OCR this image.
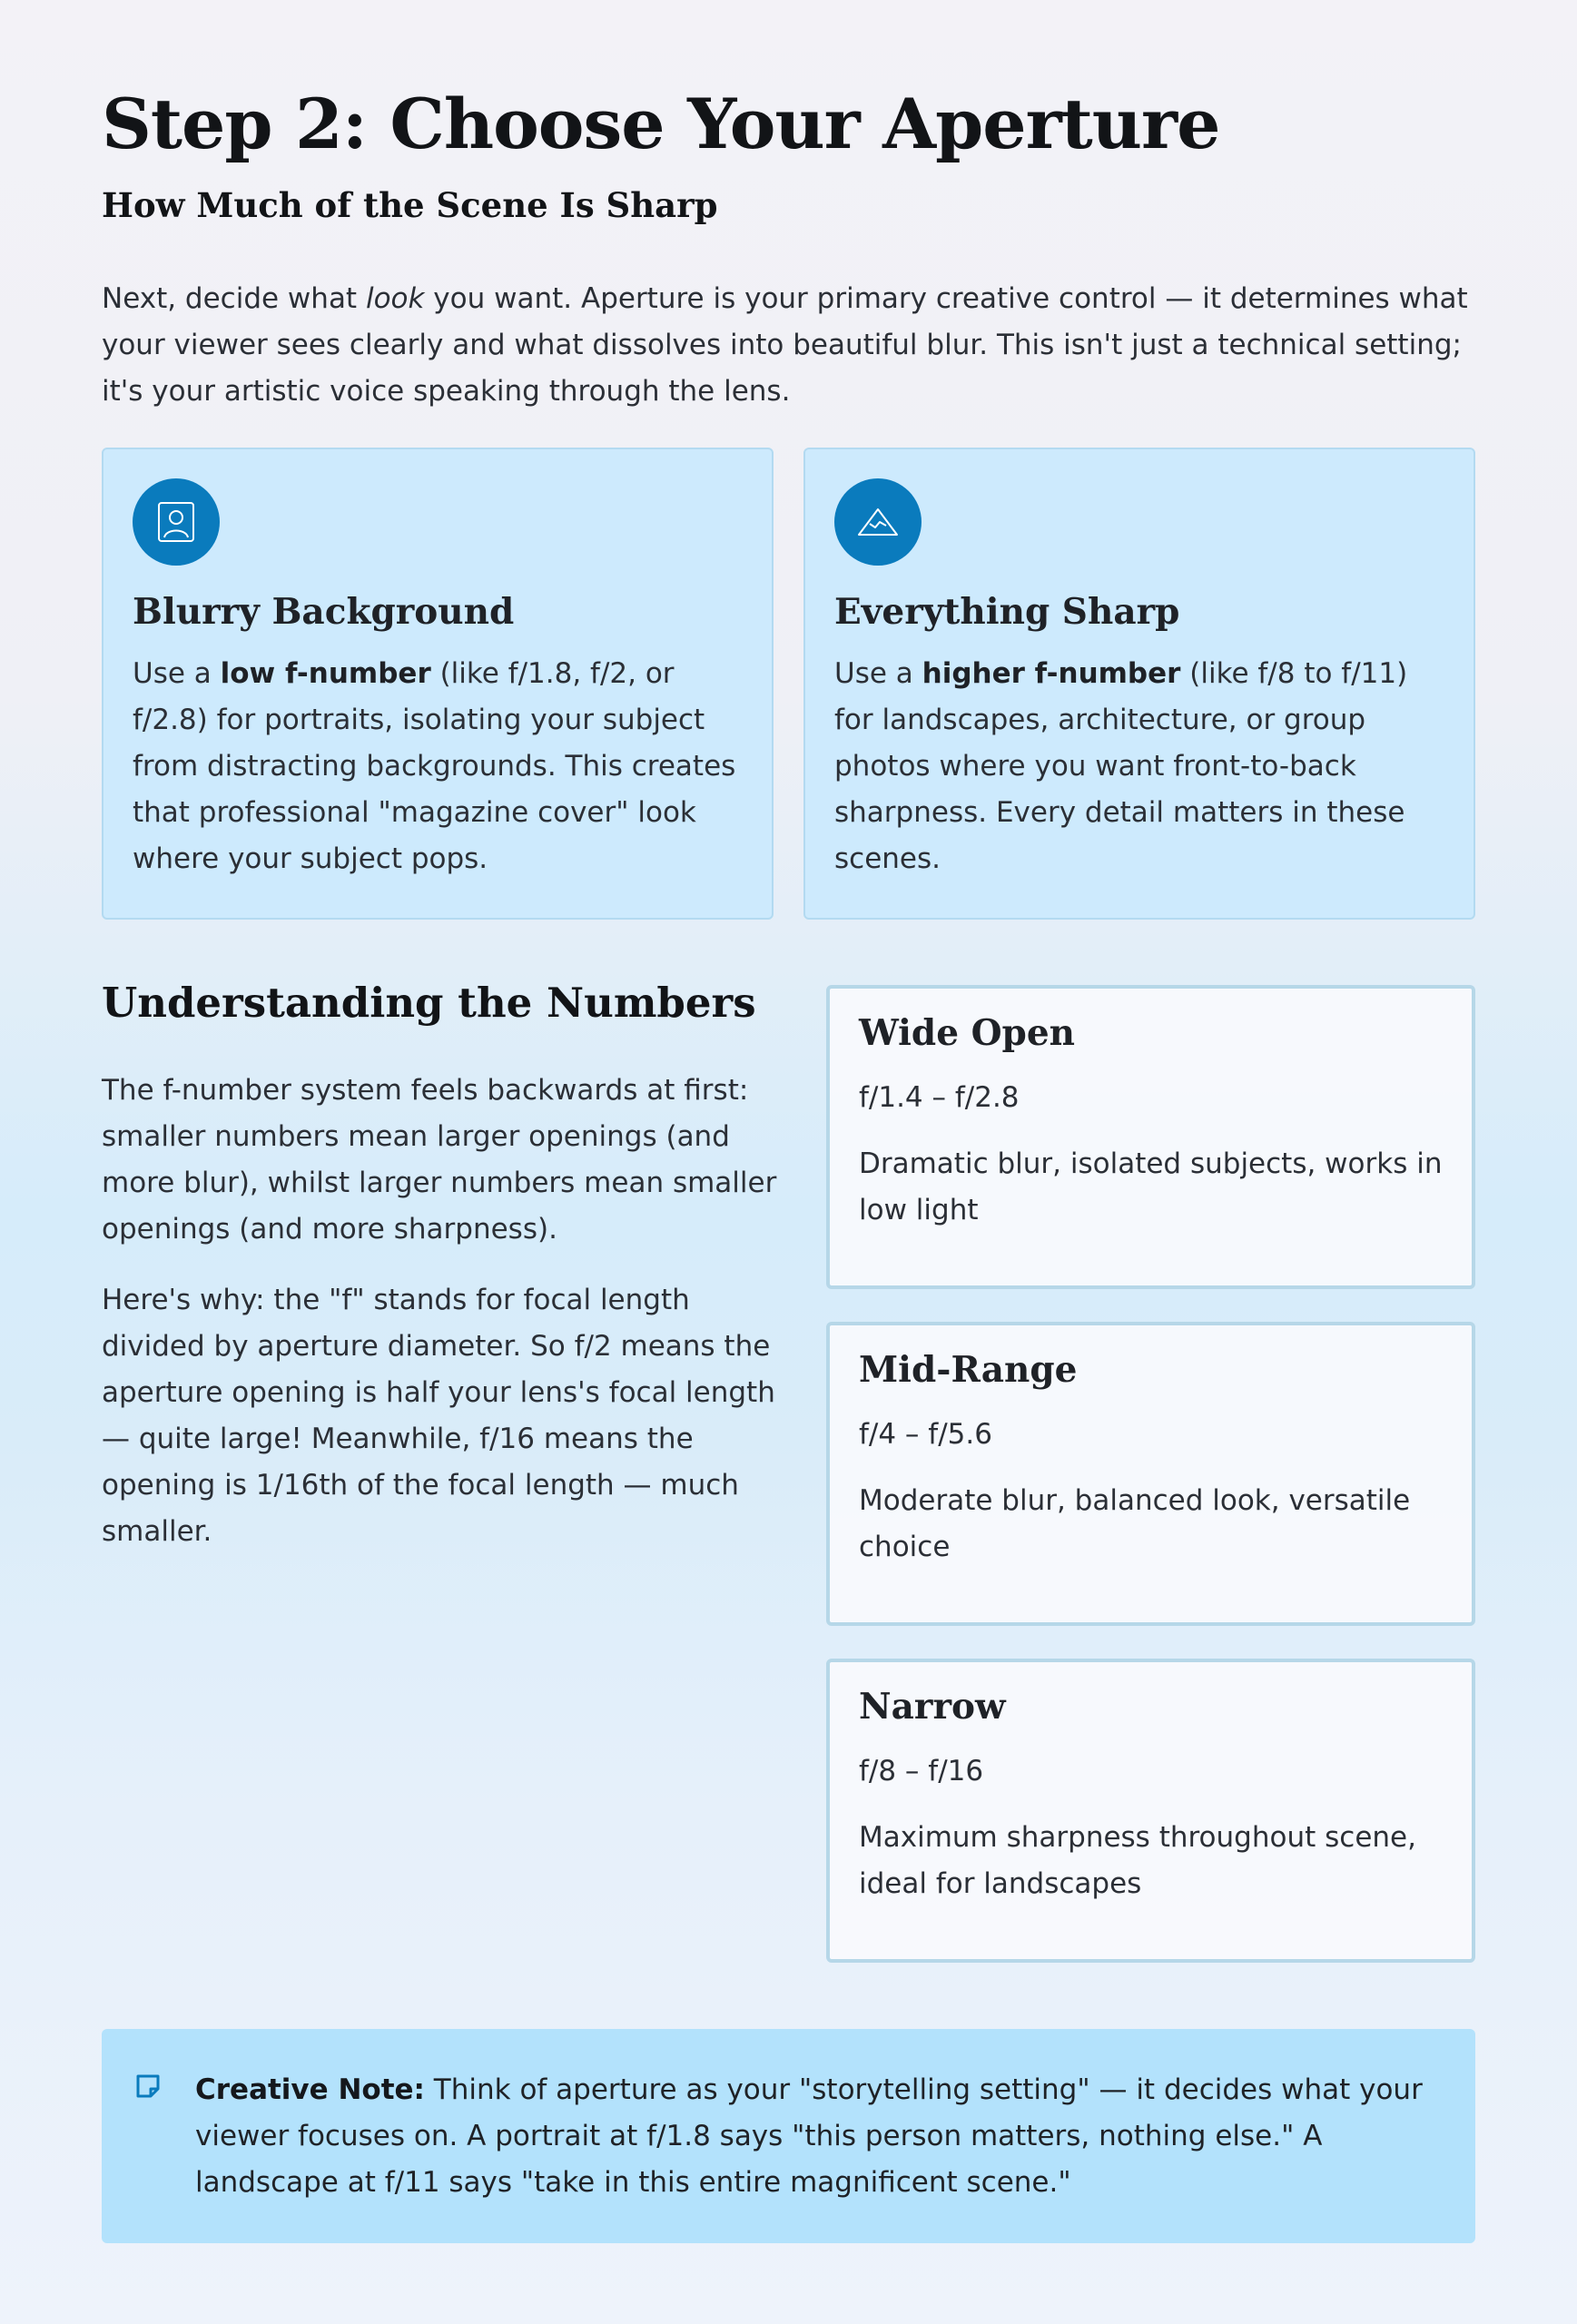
Step 2: Choose Your Aperture
How Much of the Scene Is Sharp

Next, decide what look you want. Aperture is your primary creative control — it determines what your viewer sees clearly and what dissolves into beautiful blur. This isn't just a technical setting; it's your artistic voice speaking through the lens.

Blurry Background

Use a low f-number (like f/1.8, f/2, or f/2.8) for portraits, isolating your subject from distracting backgrounds. This creates that professional "magazine cover" look where your subject pops.

Everything Sharp

Use a higher f-number (like f/8 to f/11) for landscapes, architecture, or group photos where you want front-to-back sharpness. Every detail matters in these scenes.

Understanding the Numbers

The f-number system feels backwards at first: smaller numbers mean larger openings (and more blur), whilst larger numbers mean smaller openings (and more sharpness).

Here's why: the "f" stands for focal length divided by aperture diameter. So f/2 means the aperture opening is half your lens's focal length — quite large! Meanwhile, f/16 means the opening is 1/16th of the focal length — much smaller.

Wide Open

f/1.4 – f/2.8

Dramatic blur, isolated subjects, works in low light

Mid-Range

f/4 – f/5.6

Moderate blur, balanced look, versatile choice

Narrow

f/8 – f/16

Maximum sharpness throughout scene, ideal for landscapes

Creative Note: Think of aperture as your "storytelling setting" — it decides what your viewer focuses on. A portrait at f/1.8 says "this person matters, nothing else." A landscape at f/11 says "take in this entire magnificent scene."
